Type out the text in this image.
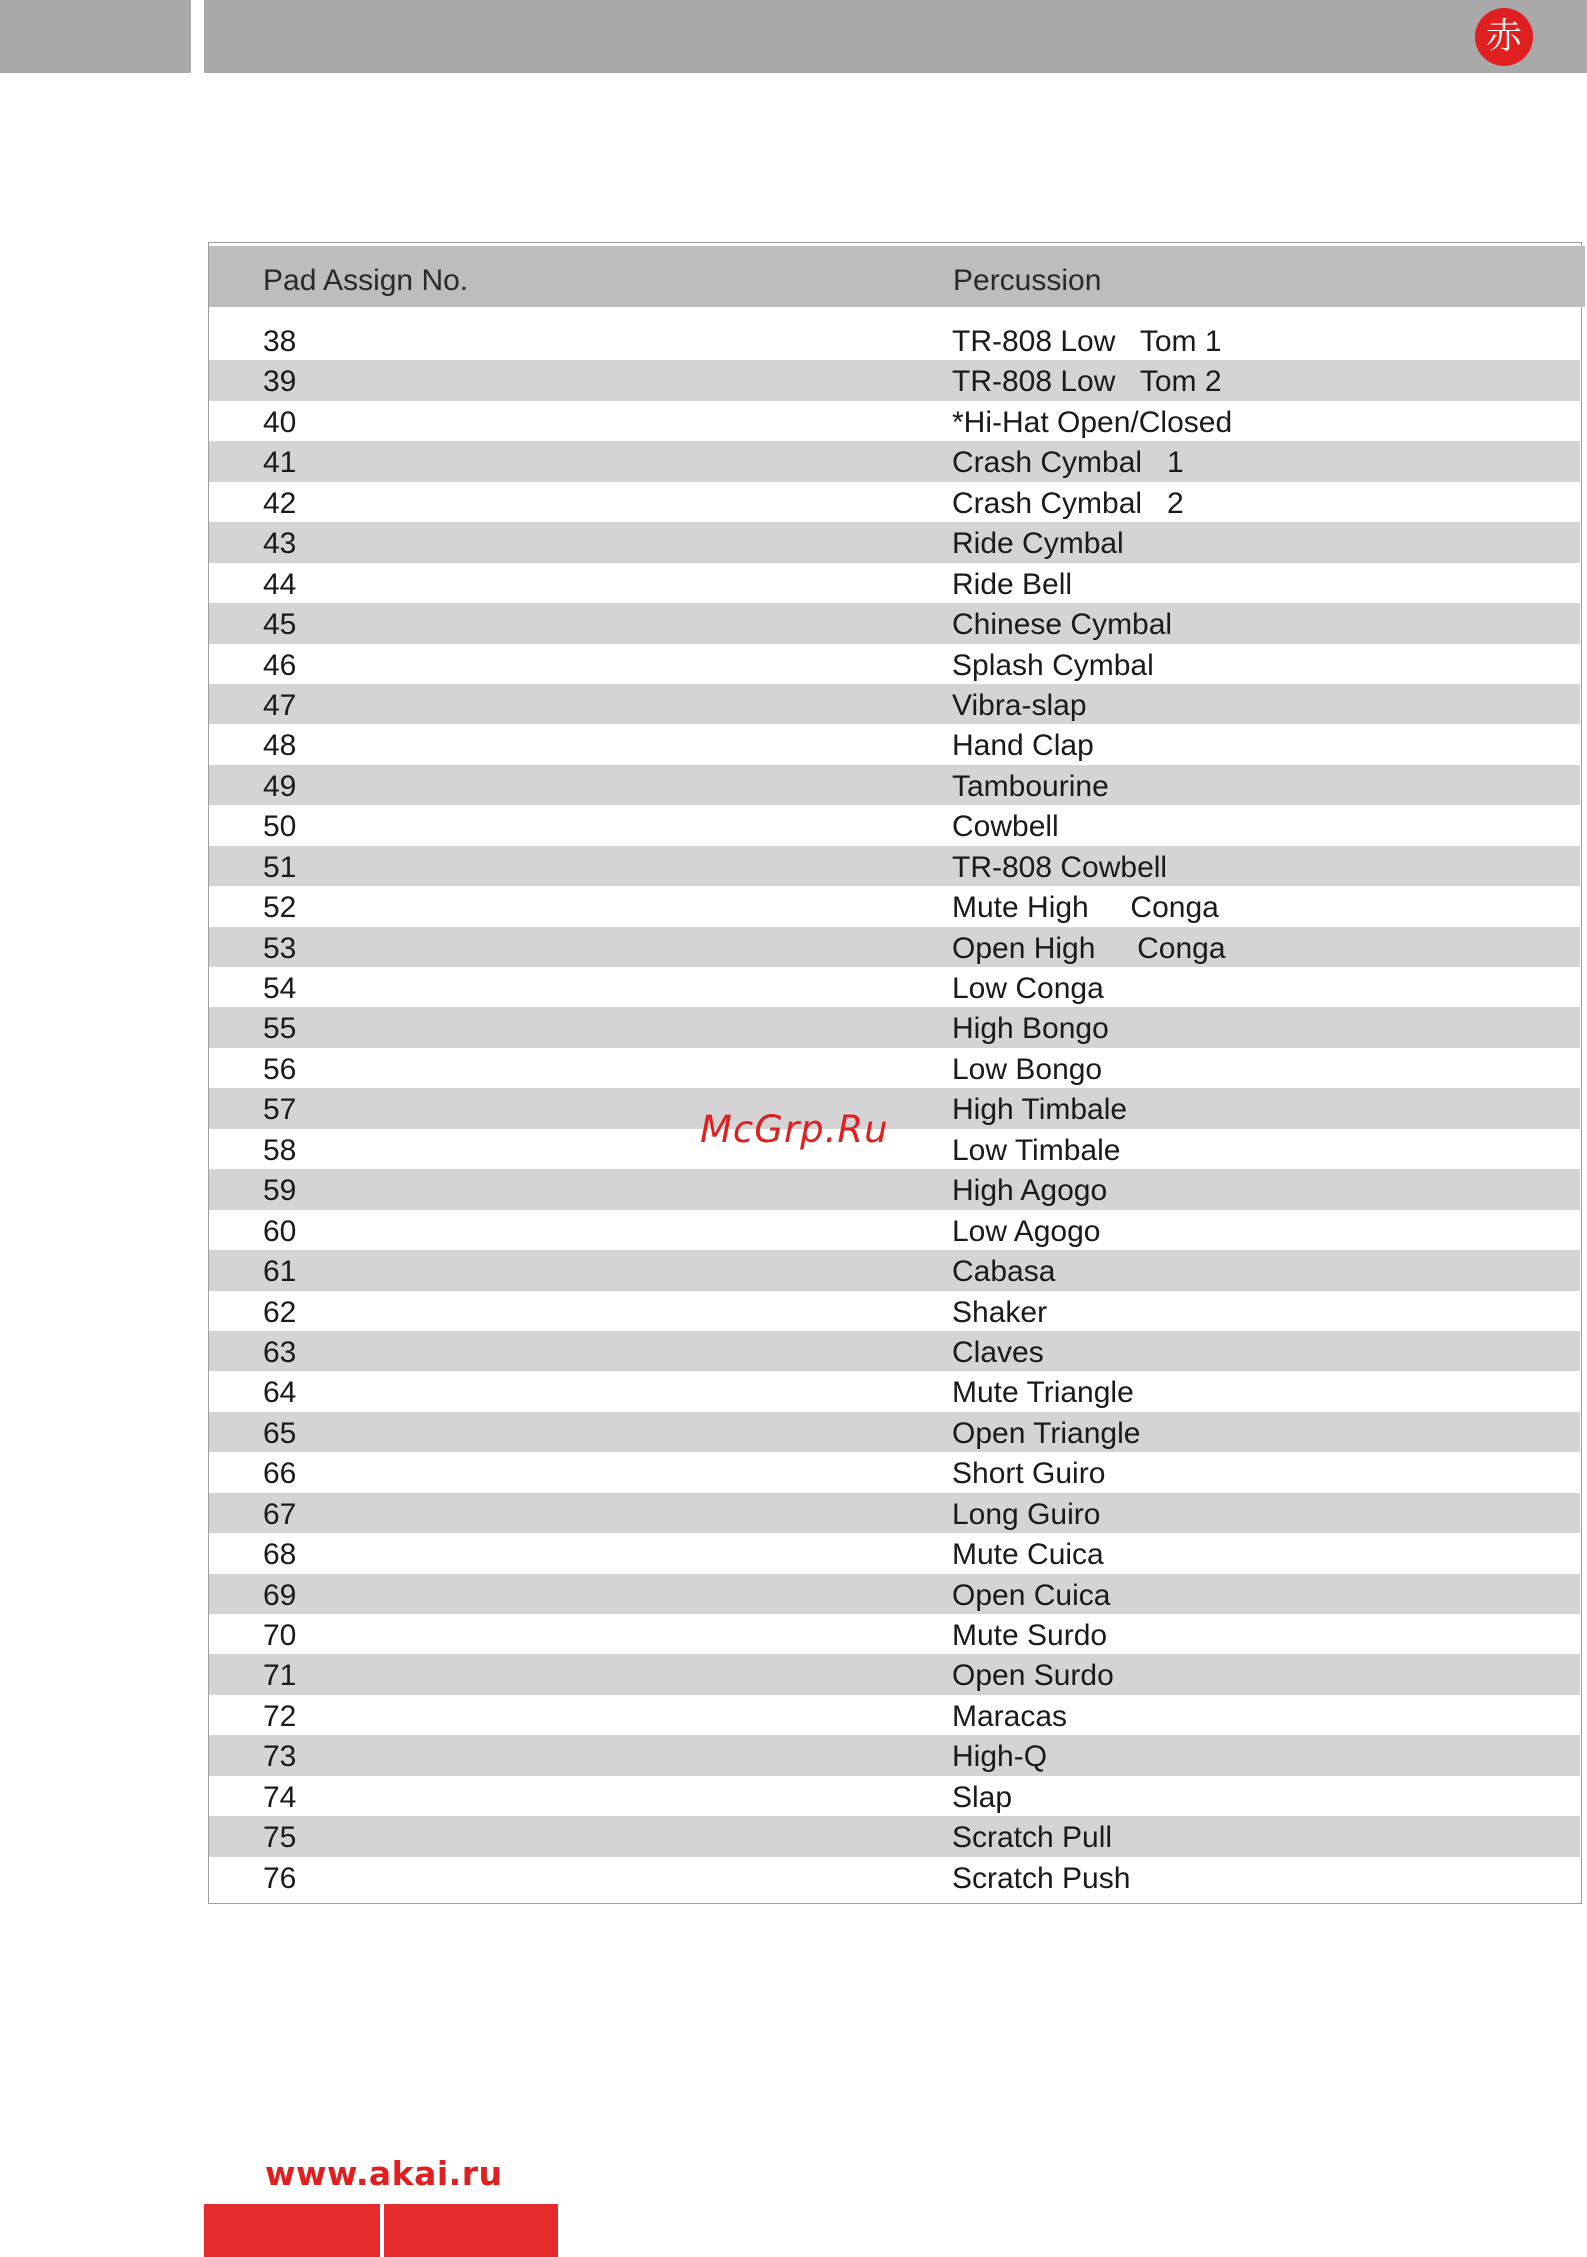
赤
Pad Assign No.	Percussion
38	TR-808 Low   Tom 1
39	TR-808 Low   Tom 2
40	*Hi-Hat Open/Closed
41	Crash Cymbal   1
42	Crash Cymbal   2
43	Ride Cymbal
44	Ride Bell
45	Chinese Cymbal
46	Splash Cymbal
47	Vibra-slap
48	Hand Clap
49	Tambourine
50	Cowbell
51	TR-808 Cowbell
52	Mute High     Conga
53	Open High     Conga
54	Low Conga
55	High Bongo
56	Low Bongo
57	High Timbale
58	Low Timbale
59	High Agogo
60	Low Agogo
61	Cabasa
62	Shaker
63	Claves
64	Mute Triangle
65	Open Triangle
66	Short Guiro
67	Long Guiro
68	Mute Cuica
69	Open Cuica
70	Mute Surdo
71	Open Surdo
72	Maracas
73	High-Q
74	Slap
75	Scratch Pull
76	Scratch Push
McGrp.Ru
www.akai.ru
